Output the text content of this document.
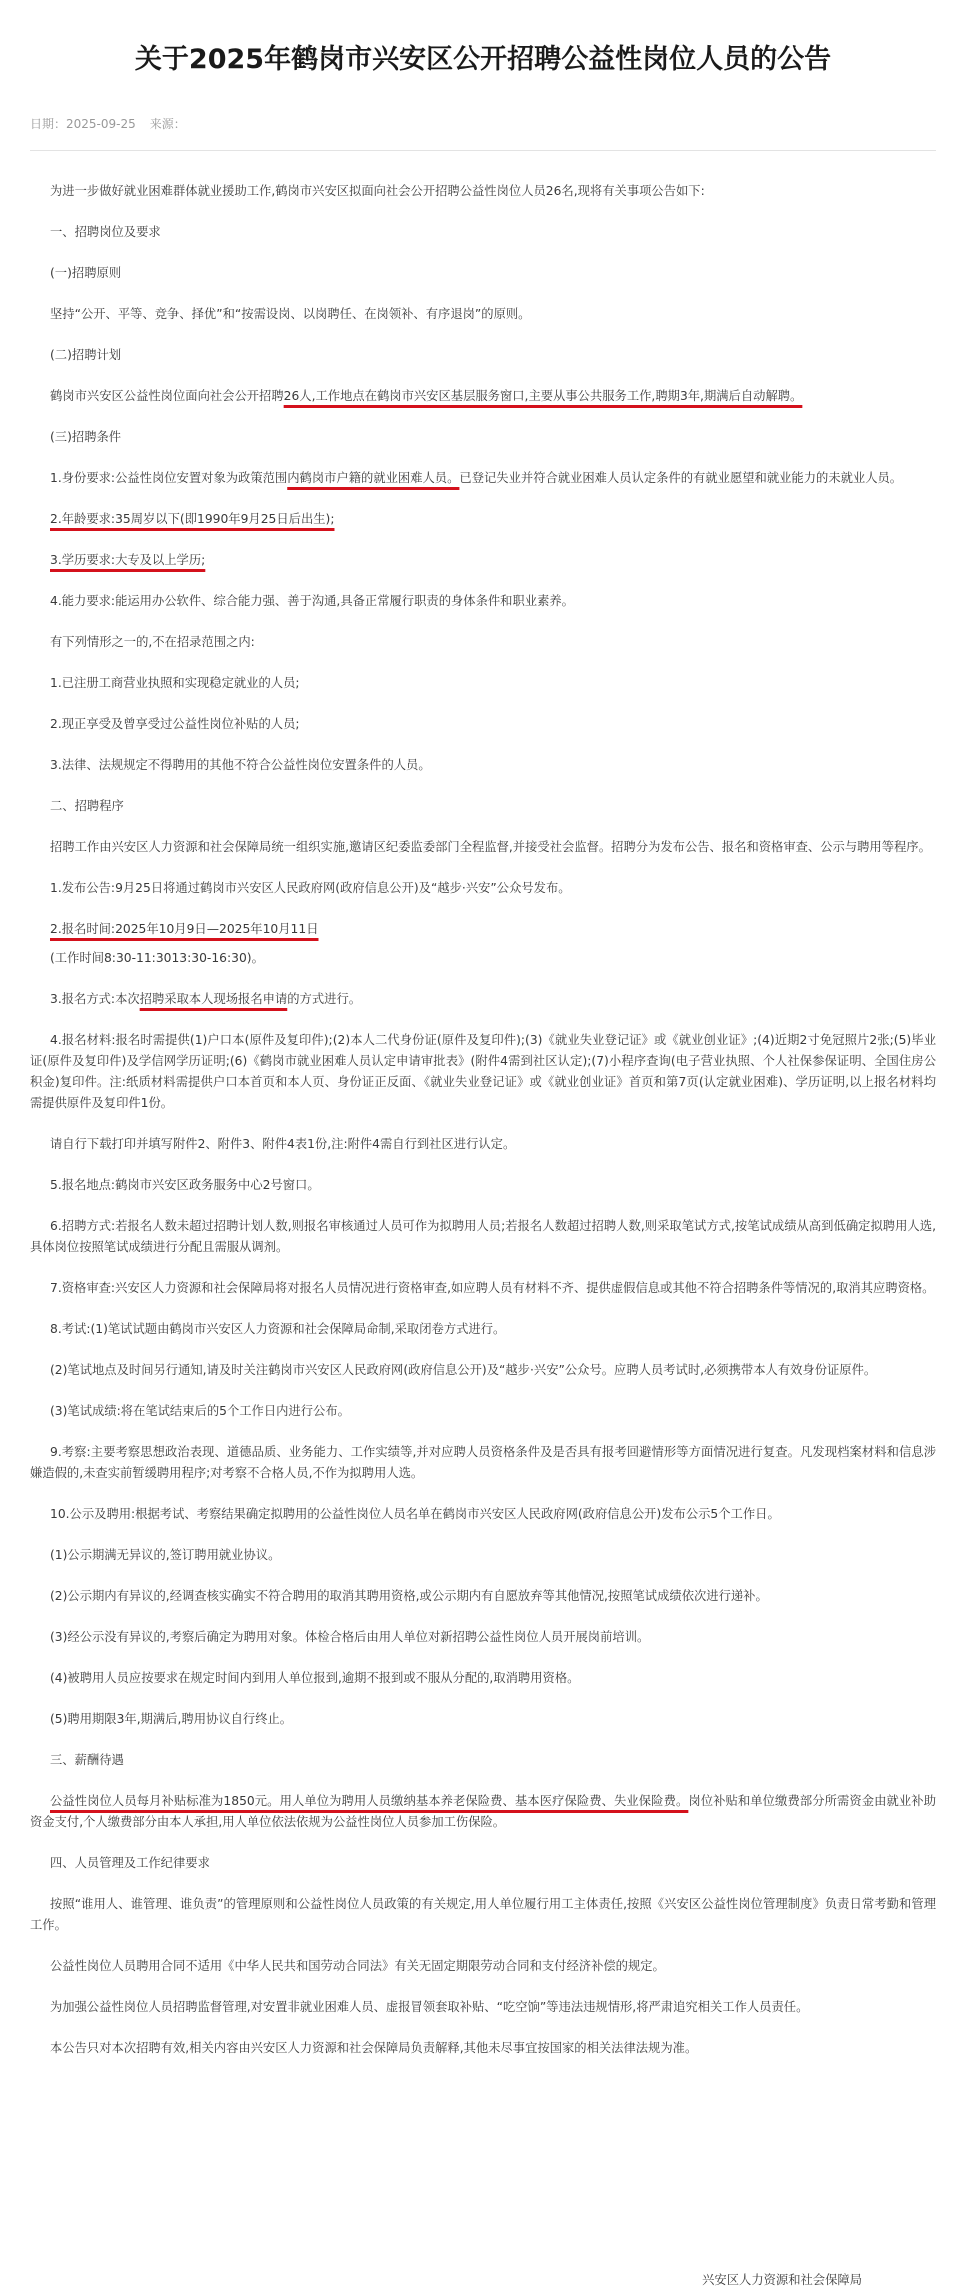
关于2025年鹤岗市兴安区公开招聘公益性岗位人员的公告
日期：2025-09-25 来源：

为进一步做好就业困难群体就业援助工作,鹤岗市兴安区拟面向社会公开招聘公益性岗位人员26名,现将有关事项公告如下:

一、招聘岗位及要求

(一)招聘原则

坚持“公开、平等、竞争、择优”和“按需设岗、以岗聘任、在岗领补、有序退岗”的原则。

(二)招聘计划

鹤岗市兴安区公益性岗位面向社会公开招聘26人,工作地点在鹤岗市兴安区基层服务窗口,主要从事公共服务工作,聘期3年,期满后自动解聘。

(三)招聘条件

1.身份要求:公益性岗位安置对象为政策范围内鹤岗市户籍的就业困难人员。已登记失业并符合就业困难人员认定条件的有就业愿望和就业能力的未就业人员。

2.年龄要求:35周岁以下(即1990年9月25日后出生);

3.学历要求:大专及以上学历;

4.能力要求:能运用办公软件、综合能力强、善于沟通,具备正常履行职责的身体条件和职业素养。

有下列情形之一的,不在招录范围之内:

1.已注册工商营业执照和实现稳定就业的人员;

2.现正享受及曾享受过公益性岗位补贴的人员;

3.法律、法规规定不得聘用的其他不符合公益性岗位安置条件的人员。

二、招聘程序

招聘工作由兴安区人力资源和社会保障局统一组织实施,邀请区纪委监委部门全程监督,并接受社会监督。招聘分为发布公告、报名和资格审查、公示与聘用等程序。

1.发布公告:9月25日将通过鹤岗市兴安区人民政府网(政府信息公开)及“越步·兴安”公众号发布。

2.报名时间:2025年10月9日—2025年10月11日

(工作时间8:30-11:3013:30-16:30)。

3.报名方式:本次招聘采取本人现场报名申请的方式进行。

4.报名材料:报名时需提供(1)户口本(原件及复印件);(2)本人二代身份证(原件及复印件);(3)《就业失业登记证》或《就业创业证》;(4)近期2寸免冠照片2张;(5)毕业证(原件及复印件)及学信网学历证明;(6)《鹤岗市就业困难人员认定申请审批表》(附件4需到社区认定);(7)小程序查询(电子营业执照、个人社保参保证明、全国住房公积金)复印件。注:纸质材料需提供户口本首页和本人页、身份证正反面、《就业失业登记证》或《就业创业证》首页和第7页(认定就业困难)、学历证明,以上报名材料均需提供原件及复印件1份。

请自行下载打印并填写附件2、附件3、附件4表1份,注:附件4需自行到社区进行认定。

5.报名地点:鹤岗市兴安区政务服务中心2号窗口。

6.招聘方式:若报名人数未超过招聘计划人数,则报名审核通过人员可作为拟聘用人员;若报名人数超过招聘人数,则采取笔试方式,按笔试成绩从高到低确定拟聘用人选,具体岗位按照笔试成绩进行分配且需服从调剂。

7.资格审查:兴安区人力资源和社会保障局将对报名人员情况进行资格审查,如应聘人员有材料不齐、提供虚假信息或其他不符合招聘条件等情况的,取消其应聘资格。

8.考试:(1)笔试试题由鹤岗市兴安区人力资源和社会保障局命制,采取闭卷方式进行。

(2)笔试地点及时间另行通知,请及时关注鹤岗市兴安区人民政府网(政府信息公开)及“越步·兴安”公众号。应聘人员考试时,必须携带本人有效身份证原件。

(3)笔试成绩:将在笔试结束后的5个工作日内进行公布。

9.考察:主要考察思想政治表现、道德品质、业务能力、工作实绩等,并对应聘人员资格条件及是否具有报考回避情形等方面情况进行复查。凡发现档案材料和信息涉嫌造假的,未查实前暂缓聘用程序;对考察不合格人员,不作为拟聘用人选。

10.公示及聘用:根据考试、考察结果确定拟聘用的公益性岗位人员名单在鹤岗市兴安区人民政府网(政府信息公开)发布公示5个工作日。

(1)公示期满无异议的,签订聘用就业协议。

(2)公示期内有异议的,经调查核实确实不符合聘用的取消其聘用资格,或公示期内有自愿放弃等其他情况,按照笔试成绩依次进行递补。

(3)经公示没有异议的,考察后确定为聘用对象。体检合格后由用人单位对新招聘公益性岗位人员开展岗前培训。

(4)被聘用人员应按要求在规定时间内到用人单位报到,逾期不报到或不服从分配的,取消聘用资格。

(5)聘用期限3年,期满后,聘用协议自行终止。

三、薪酬待遇

公益性岗位人员每月补贴标准为1850元。用人单位为聘用人员缴纳基本养老保险费、基本医疗保险费、失业保险费。岗位补贴和单位缴费部分所需资金由就业补助资金支付,个人缴费部分由本人承担,用人单位依法依规为公益性岗位人员参加工伤保险。

四、人员管理及工作纪律要求

按照“谁用人、谁管理、谁负责”的管理原则和公益性岗位人员政策的有关规定,用人单位履行用工主体责任,按照《兴安区公益性岗位管理制度》负责日常考勤和管理工作。

公益性岗位人员聘用合同不适用《中华人民共和国劳动合同法》有关无固定期限劳动合同和支付经济补偿的规定。

为加强公益性岗位人员招聘监督管理,对安置非就业困难人员、虚报冒领套取补贴、“吃空饷”等违法违规情形,将严肃追究相关工作人员责任。

本公告只对本次招聘有效,相关内容由兴安区人力资源和社会保障局负责解释,其他未尽事宜按国家的相关法律法规为准。

兴安区人力资源和社会保障局
